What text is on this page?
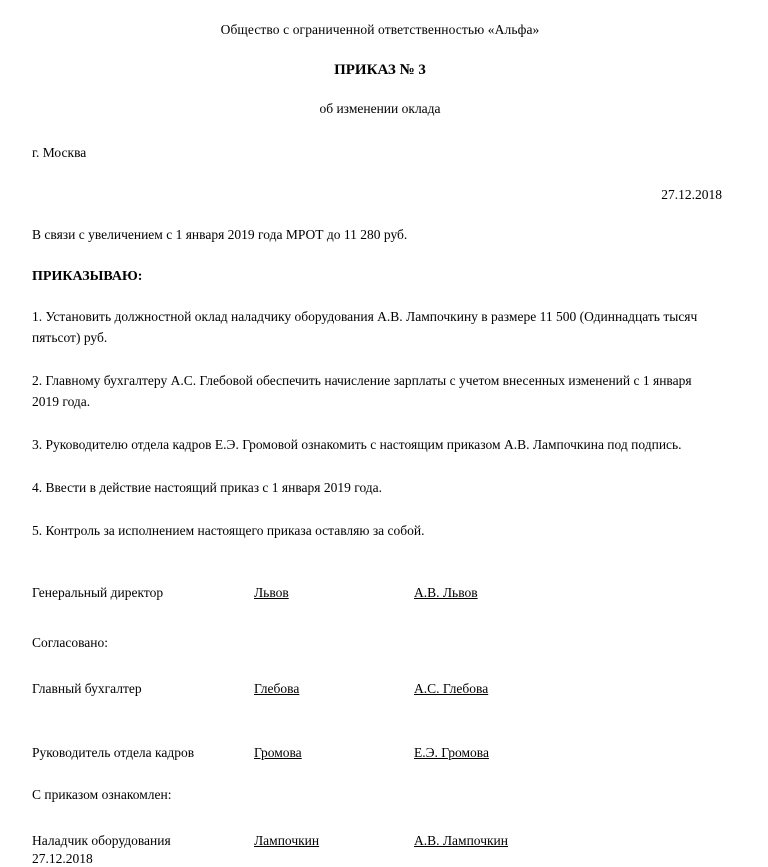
Общество с ограниченной ответственностью «Альфа»
ПРИКАЗ № 3
об изменении оклада
г. Москва
27.12.2018
В связи с увеличением с 1 января 2019 года МРОТ до 11 280 руб.
ПРИКАЗЫВАЮ:
1. Установить должностной оклад наладчику оборудования А.В. Лампочкину в размере 11 500 (Одиннадцать тысяч пятьсот) руб.
2. Главному бухгалтеру А.С. Глебовой обеспечить начисление зарплаты с учетом внесенных изменений с 1 января 2019 года.
3. Руководителю отдела кадров Е.Э. Громовой ознакомить с настоящим приказом А.В. Лампочкина под подпись.
4. Ввести в действие настоящий приказ с 1 января 2019 года.
5. Контроль за исполнением настоящего приказа оставляю за собой.
Генеральный директор	Львов	А.В. Львов
Согласовано:
Главный бухгалтер	Глебова	А.С. Глебова
Руководитель отдела кадров	Громова	Е.Э. Громова
С приказом ознакомлен:
Наладчик оборудования	Лампочкин	А.В. Лампочкин
27.12.2018
